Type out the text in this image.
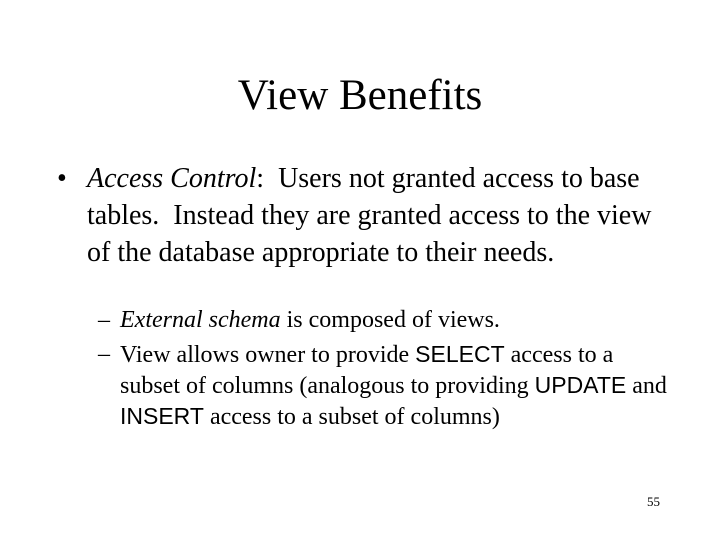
View Benefits
• Access Control:  Users not granted access to base tables.  Instead they are granted access to the view of the database appropriate to their needs.
– External schema is composed of views.
– View allows owner to provide SELECT access to a subset of columns (analogous to providing UPDATE and INSERT access to a subset of columns)
55
